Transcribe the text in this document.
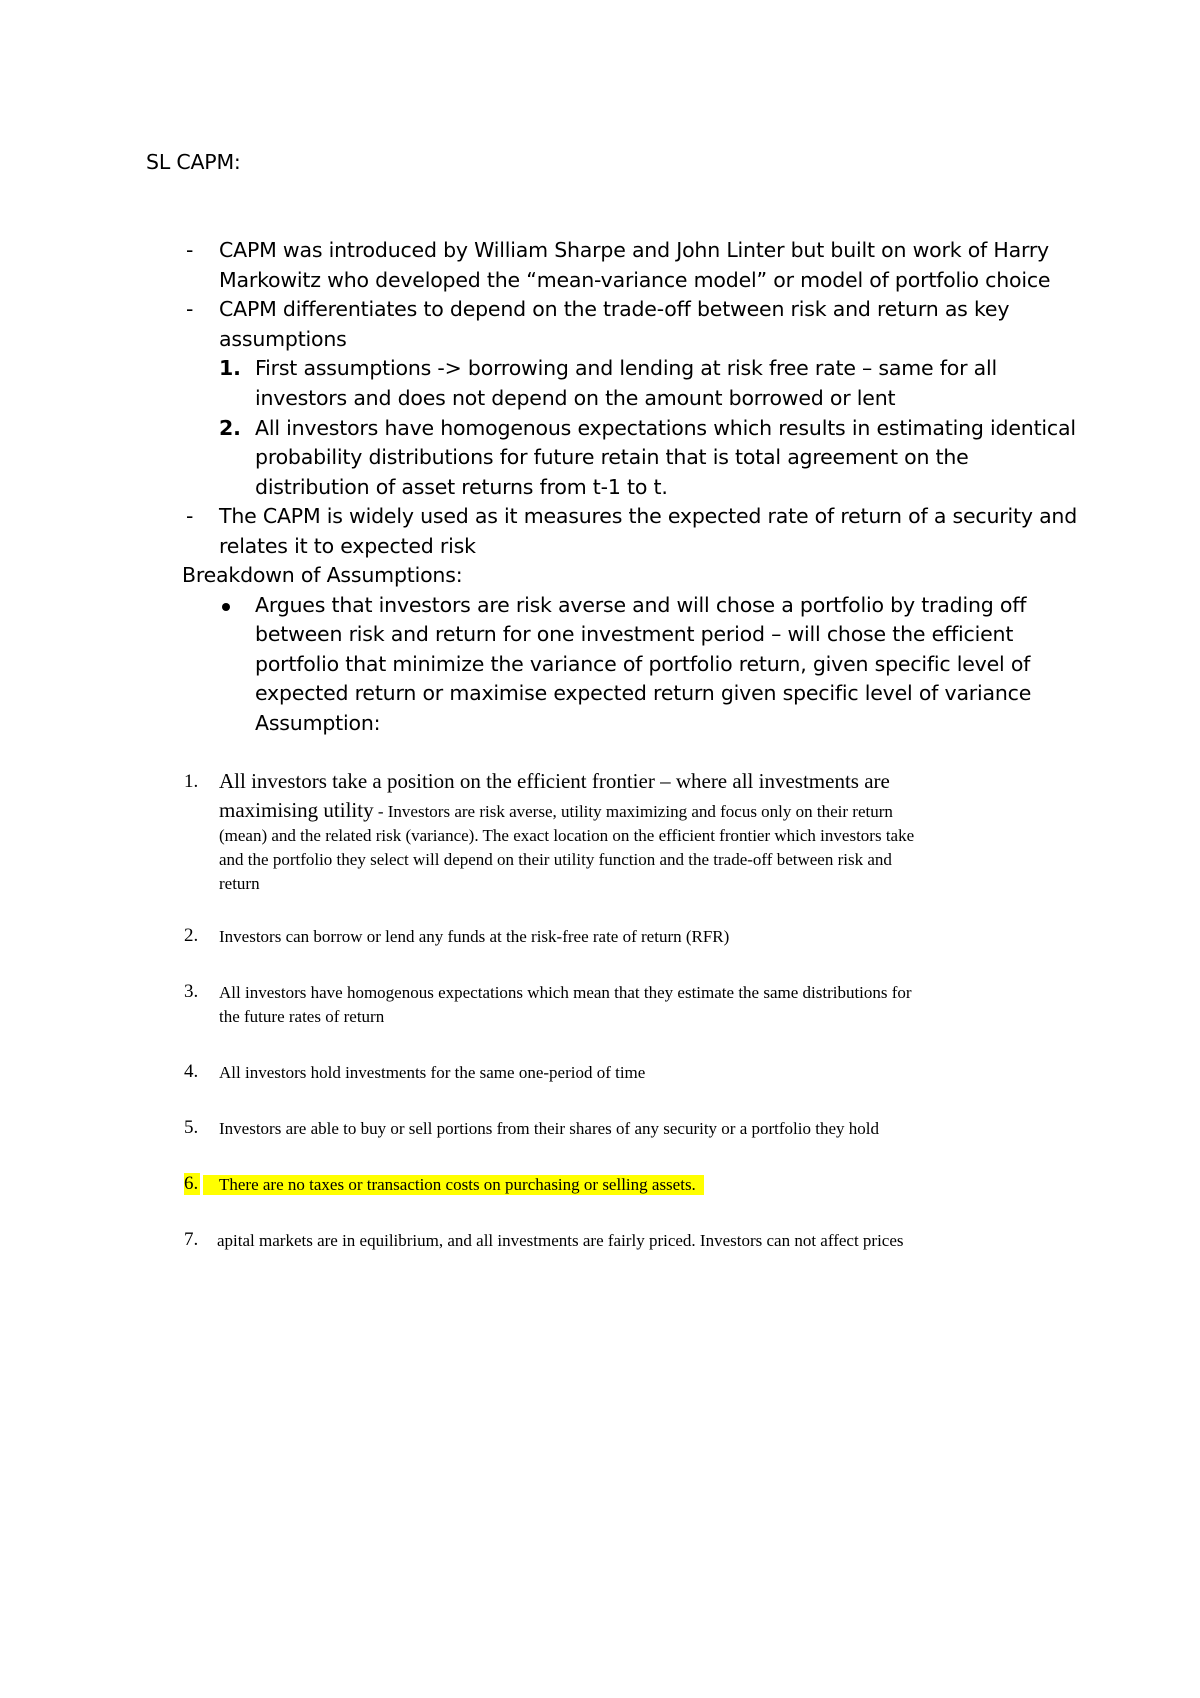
SL CAPM:
- CAPM was introduced by William Sharpe and John Linter but built on work of Harry
Markowitz who developed the “mean-variance model” or model of portfolio choice
- CAPM differentiates to depend on the trade-off between risk and return as key
assumptions
1. First assumptions -> borrowing and lending at risk free rate – same for all
investors and does not depend on the amount borrowed or lent
2. All investors have homogenous expectations which results in estimating identical
probability distributions for future retain that is total agreement on the
distribution of asset returns from t-1 to t.
- The CAPM is widely used as it measures the expected rate of return of a security and
relates it to expected risk
Breakdown of Assumptions:
Argues that investors are risk averse and will chose a portfolio by trading off
between risk and return for one investment period – will chose the efficient
portfolio that minimize the variance of portfolio return, given specific level of
expected return or maximise expected return given specific level of variance
Assumption:
1. All investors take a position on the efficient frontier – where all investments are
maximising utility - Investors are risk averse, utility maximizing and focus only on their return
(mean) and the related risk (variance). The exact location on the efficient frontier which investors take
and the portfolio they select will depend on their utility function and the trade-off between risk and
return
2. Investors can borrow or lend any funds at the risk-free rate of return (RFR)
3. All investors have homogenous expectations which mean that they estimate the same distributions for
the future rates of return
4. All investors hold investments for the same one-period of time
5. Investors are able to buy or sell portions from their shares of any security or a portfolio they hold
6.	There are no taxes or transaction costs on purchasing or selling assets.
7. apital markets are in equilibrium, and all investments are fairly priced. Investors can not affect prices
